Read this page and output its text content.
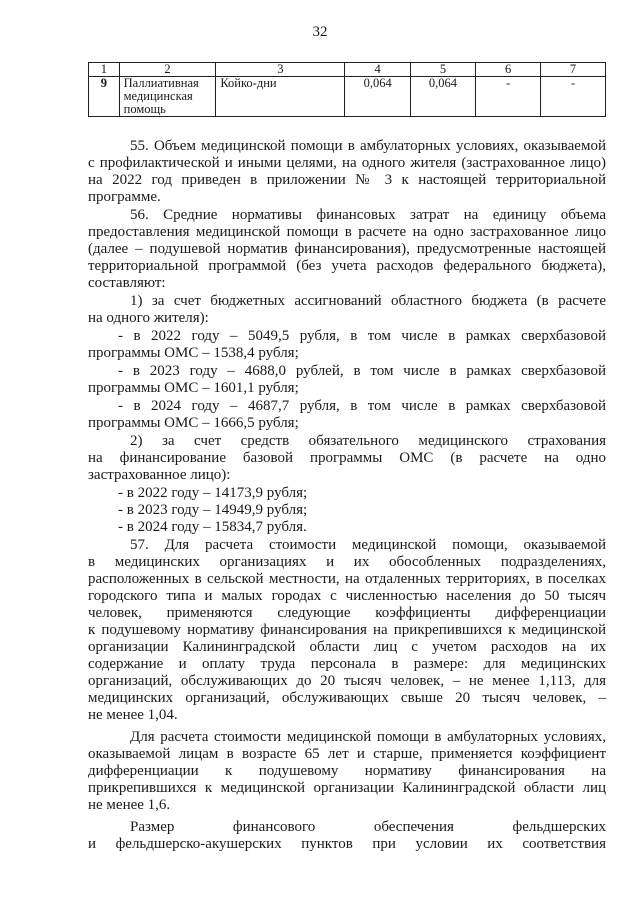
32
1	2	3	4	5	6	7
9	Паллиативная
медицинская
помощь	Койко-дни	0,064	0,064	-	-
55. Объем медицинской помощи в амбулаторных условиях, оказываемой
с профилактической и иными целями, на одного жителя (застрахованное лицо)
на 2022 год приведен в приложении № 3 к настоящей территориальной
программе.
56. Средние нормативы финансовых затрат на единицу объема
предоставления медицинской помощи в расчете на одно застрахованное лицо
(далее – подушевой норматив финансирования), предусмотренные настоящей
территориальной программой (без учета расходов федерального бюджета),
составляют:
1) за счет бюджетных ассигнований областного бюджета (в расчете
на одного жителя):
- в 2022 году – 5049,5 рубля, в том числе в рамках сверхбазовой
программы ОМС – 1538,4 рубля;
- в 2023 году – 4688,0 рублей, в том числе в рамках сверхбазовой
программы ОМС – 1601,1 рубля;
- в 2024 году – 4687,7 рубля, в том числе в рамках сверхбазовой
программы ОМС – 1666,5 рубля;
2) за счет средств обязательного медицинского страхования
на финансирование базовой программы ОМС (в расчете на одно
застрахованное лицо):
- в 2022 году – 14173,9 рубля;
- в 2023 году – 14949,9 рубля;
- в 2024 году – 15834,7 рубля.
57. Для расчета стоимости медицинской помощи, оказываемой
в медицинских организациях и их обособленных подразделениях,
расположенных в сельской местности, на отдаленных территориях, в поселках
городского типа и малых городах с численностью населения до 50 тысяч
человек, применяются следующие коэффициенты дифференциации
к подушевому нормативу финансирования на прикрепившихся к медицинской
организации Калининградской области лиц с учетом расходов на их
содержание и оплату труда персонала в размере: для медицинских
организаций, обслуживающих до 20 тысяч человек, – не менее 1,113, для
медицинских организаций, обслуживающих свыше 20 тысяч человек, –
не менее 1,04.
Для расчета стоимости медицинской помощи в амбулаторных условиях,
оказываемой лицам в возрасте 65 лет и старше, применяется коэффициент
дифференциации к подушевому нормативу финансирования на
прикрепившихся к медицинской организации Калининградской области лиц
не менее 1,6.
Размер финансового обеспечения фельдшерских
и фельдшерско-акушерских пунктов при условии их соответствия
